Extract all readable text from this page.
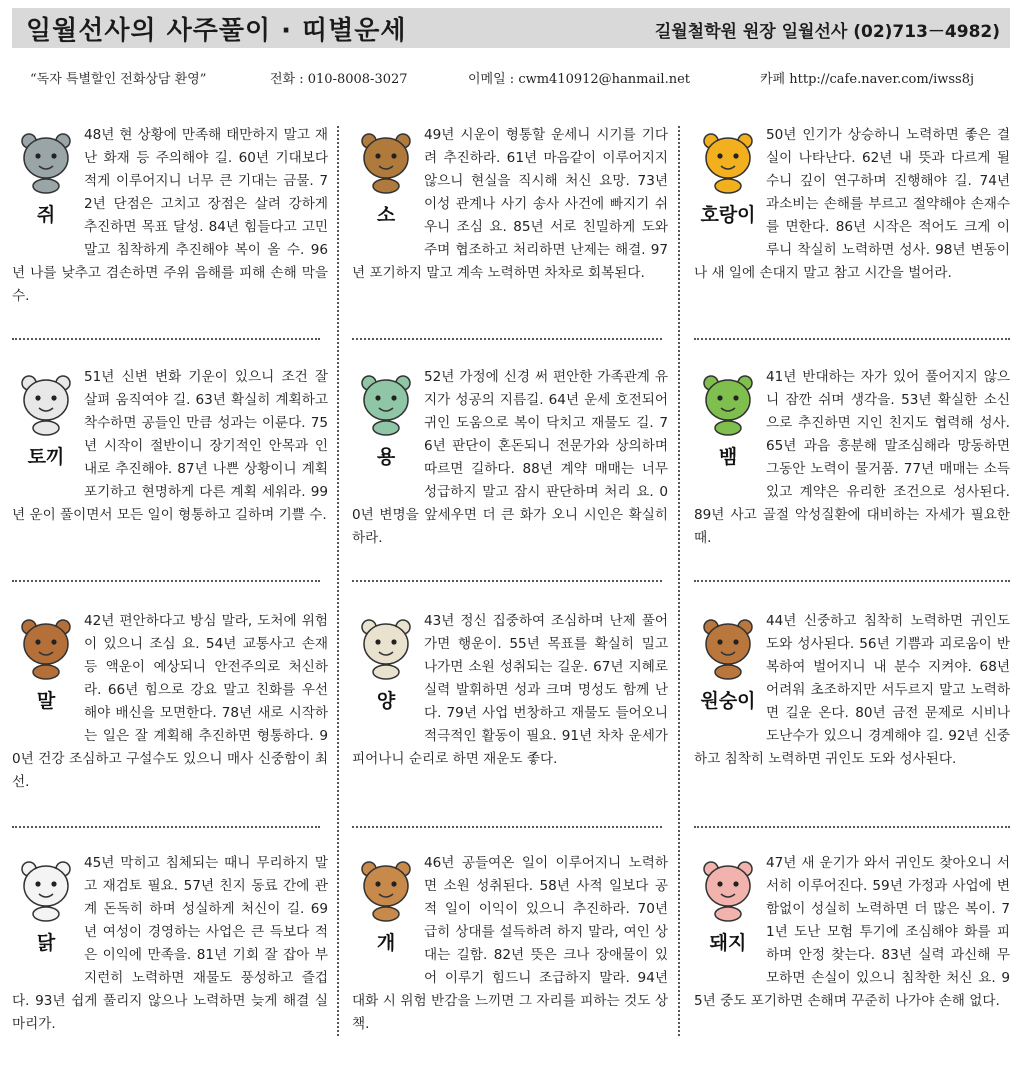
일월선사의 사주풀이 · 띠별운세	길월철학원 원장 일월선사 (02)713－4982)
“독자 특별할인 전화상담 환영”	전화 : 010-8008-3027	이메일 : cwm410912@hanmail.net	카페 http://cafe.naver.com/iwss8j
쥐
48년 현 상황에 만족해 태만하지 말고 재난 화재 등 주의해야 길. 60년 기대보다 적게 이루어지니 너무 큰 기대는 금물. 72년 단점은 고치고 장점은 살려 강하게 추진하면 목표 달성. 84년 힘들다고 고민 말고 침착하게 추진해야 복이 올 수. 96년 나를 낮추고 겸손하면 주위 음해를 피해 손해 막을 수.
소
49년 시운이 형통할 운세니 시기를 기다려 추진하라. 61년 마음같이 이루어지지 않으니 현실을 직시해 처신 요망. 73년 이성 관계나 사기 송사 사건에 빠지기 쉬우니 조심 요. 85년 서로 친밀하게 도와주며 협조하고 처리하면 난제는 해결. 97년 포기하지 말고 계속 노력하면 차차로 회복된다.
호랑이
50년 인기가 상승하니 노력하면 좋은 결실이 나타난다. 62년 내 뜻과 다르게 될 수니 깊이 연구하며 진행해야 길. 74년 과소비는 손해를 부르고 절약해야 손재수를 면한다. 86년 시작은 적어도 크게 이루니 착실히 노력하면 성사. 98년 변동이나 새 일에 손대지 말고 참고 시간을 벌어라.
토끼
51년 신변 변화 기운이 있으니 조건 잘 살펴 움직여야 길. 63년 확실히 계획하고 착수하면 공들인 만큼 성과는 이룬다. 75년 시작이 절반이니 장기적인 안목과 인내로 추진해야. 87년 나쁜 상황이니 계획 포기하고 현명하게 다른 계획 세워라. 99년 운이 풀이면서 모든 일이 형통하고 길하며 기쁠 수.
용
52년 가정에 신경 써 편안한 가족관계 유지가 성공의 지름길. 64년 운세 호전되어 귀인 도움으로 복이 닥치고 재물도 길. 76년 판단이 혼돈되니 전문가와 상의하며 따르면 길하다. 88년 계약 매매는 너무 성급하지 말고 잠시 판단하며 처리 요. 00년 변명을 앞세우면 더 큰 화가 오니 시인은 확실히 하라.
뱀
41년 반대하는 자가 있어 풀어지지 않으니 잠깐 쉬며 생각을. 53년 확실한 소신으로 추진하면 지인 친지도 협력해 성사. 65년 과음 흥분해 말조심해라 망동하면 그동안 노력이 물거품. 77년 매매는 소득 있고 계약은 유리한 조건으로 성사된다. 89년 사고 골절 악성질환에 대비하는 자세가 필요한 때.
말
42년 편안하다고 방심 말라, 도처에 위험이 있으니 조심 요. 54년 교통사고 손재 등 액운이 예상되니 안전주의로 처신하라. 66년 힘으로 강요 말고 친화를 우선해야 배신을 모면한다. 78년 새로 시작하는 일은 잘 계획해 추진하면 형통하다. 90년 건강 조심하고 구설수도 있으니 매사 신중함이 최선.
양
43년 정신 집중하여 조심하며 난제 풀어 가면 행운이. 55년 목표를 확실히 밀고 나가면 소원 성취되는 길운. 67년 지혜로 실력 발휘하면 성과 크며 명성도 함께 난다. 79년 사업 번창하고 재물도 들어오니 적극적인 활동이 필요. 91년 차차 운세가 피어나니 순리로 하면 재운도 좋다.
원숭이
44년 신중하고 침착히 노력하면 귀인도 도와 성사된다. 56년 기쁨과 괴로움이 반복하여 벌어지니 내 분수 지켜야. 68년 어려워 초조하지만 서두르지 말고 노력하면 길운 온다. 80년 금전 문제로 시비나 도난수가 있으니 경계해야 길. 92년 신중하고 침착히 노력하면 귀인도 도와 성사된다.
닭
45년 막히고 침체되는 때니 무리하지 말고 재검토 필요. 57년 친지 동료 간에 관계 돈독히 하며 성실하게 처신이 길. 69년 여성이 경영하는 사업은 큰 득보다 적은 이익에 만족을. 81년 기회 잘 잡아 부지런히 노력하면 재물도 풍성하고 즐겁다. 93년 쉽게 풀리지 않으나 노력하면 늦게 해결 실마리가.
개
46년 공들여온 일이 이루어지니 노력하면 소원 성취된다. 58년 사적 일보다 공적 일이 이익이 있으니 추진하라. 70년 급히 상대를 설득하려 하지 말라, 여인 상대는 길함. 82년 뜻은 크나 장애물이 있어 이루기 힘드니 조급하지 말라. 94년 대화 시 위험 반감을 느끼면 그 자리를 피하는 것도 상책.
돼지
47년 새 운기가 와서 귀인도 찾아오니 서서히 이루어진다. 59년 가정과 사업에 변함없이 성실히 노력하면 더 많은 복이. 71년 도난 모험 투기에 조심해야 화를 피하며 안정 찾는다. 83년 실력 과신해 무모하면 손실이 있으니 침착한 처신 요. 95년 중도 포기하면 손해며 꾸준히 나가야 손해 없다.
